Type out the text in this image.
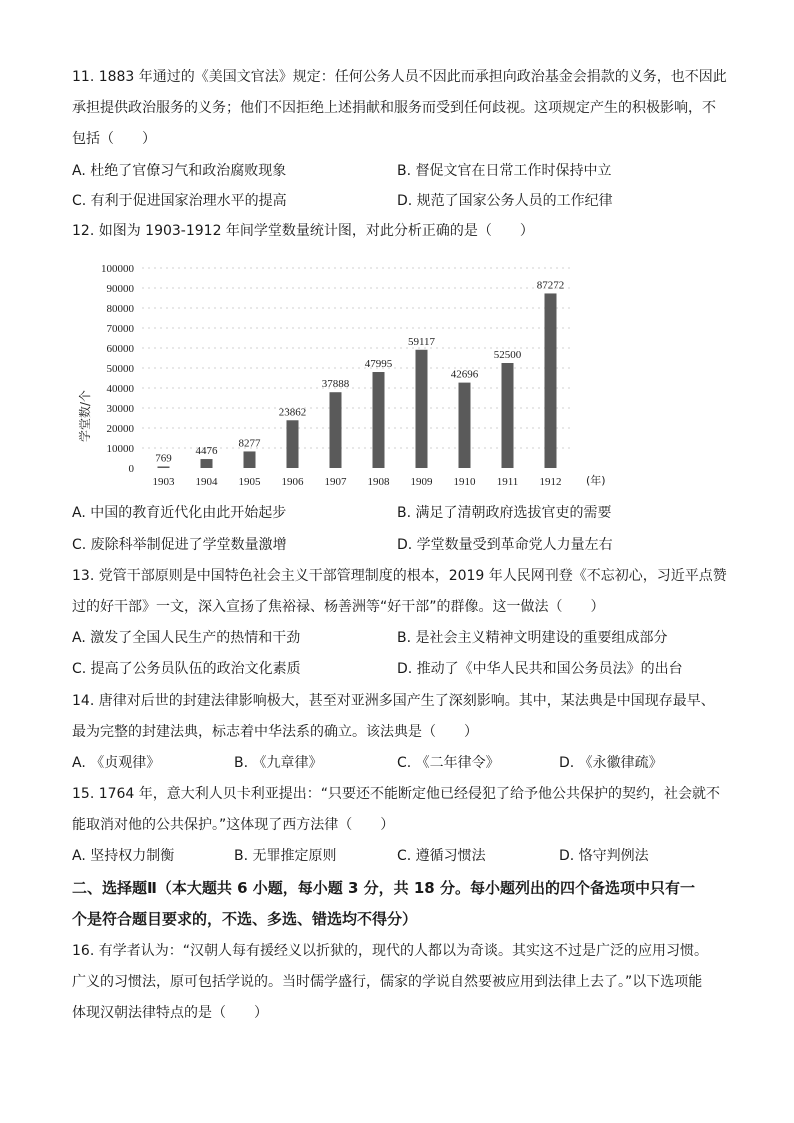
11. 1883 年通过的《美国文官法》规定：任何公务人员不因此而承担向政治基金会捐款的义务，也不因此
承担提供政治服务的义务；他们不因拒绝上述捐献和服务而受到任何歧视。这项规定产生的积极影响，不
包括（　　）
A. 杜绝了官僚习气和政治腐败现象	B. 督促文官在日常工作时保持中立
C. 有利于促进国家治理水平的提高	D. 规范了国家公务人员的工作纪律
12. 如图为 1903-1912 年间学堂数量统计图，对此分析正确的是（　　）
100000
90000
80000
70000
60000
50000
40000
30000
20000
10000
0
769
4476
8277
23862
37888
47995
59117
42696
52500
87272
1903 1904 1905 1906 1907 1908 1909 1910 1911 1912
学堂数/个
(年)
A. 中国的教育近代化由此开始起步	B. 满足了清朝政府选拔官吏的需要
C. 废除科举制促进了学堂数量激增	D. 学堂数量受到革命党人力量左右
13. 党管干部原则是中国特色社会主义干部管理制度的根本，2019 年人民网刊登《不忘初心，习近平点赞
过的好干部》一文，深入宣扬了焦裕禄、杨善洲等“好干部”的群像。这一做法（　　）
A. 激发了全国人民生产的热情和干劲	B. 是社会主义精神文明建设的重要组成部分
C. 提高了公务员队伍的政治文化素质	D. 推动了《中华人民共和国公务员法》的出台
14. 唐律对后世的封建法律影响极大，甚至对亚洲多国产生了深刻影响。其中，某法典是中国现存最早、
最为完整的封建法典，标志着中华法系的确立。该法典是（　　）
A. 《贞观律》	B. 《九章律》	C. 《二年律令》	D. 《永徽律疏》
15. 1764 年，意大利人贝卡利亚提出：“只要还不能断定他已经侵犯了给予他公共保护的契约，社会就不
能取消对他的公共保护。”这体现了西方法律（　　）
A. 坚持权力制衡	B. 无罪推定原则	C. 遵循习惯法	D. 恪守判例法
二、选择题Ⅱ（本大题共 6 小题，每小题 3 分，共 18 分。每小题列出的四个备选项中只有一
个是符合题目要求的，不选、多选、错选均不得分）
16. 有学者认为：“汉朝人每有援经义以折狱的，现代的人都以为奇谈。其实这不过是广泛的应用习惯。
广义的习惯法，原可包括学说的。当时儒学盛行，儒家的学说自然要被应用到法律上去了。”以下选项能
体现汉朝法律特点的是（　　）
